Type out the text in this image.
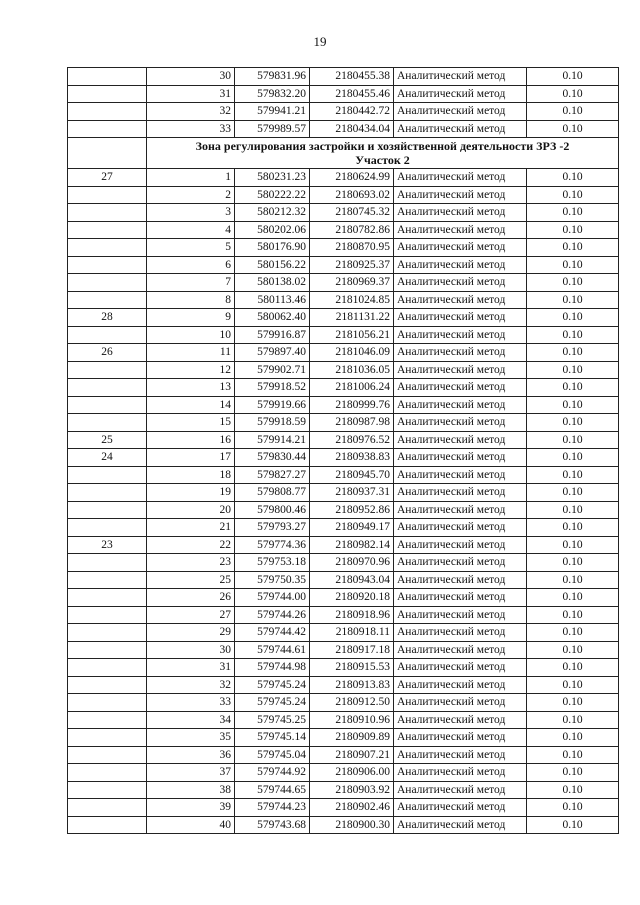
19
	30	579831.96	2180455.38	Аналитический метод	0.10
	31	579832.20	2180455.46	Аналитический метод	0.10
	32	579941.21	2180442.72	Аналитический метод	0.10
	33	579989.57	2180434.04	Аналитический метод	0.10
	Зона регулирования застройки и хозяйственной деятельности ЗРЗ -2
Участок 2				
27	1	580231.23	2180624.99	Аналитический метод	0.10
	2	580222.22	2180693.02	Аналитический метод	0.10
	3	580212.32	2180745.32	Аналитический метод	0.10
	4	580202.06	2180782.86	Аналитический метод	0.10
	5	580176.90	2180870.95	Аналитический метод	0.10
	6	580156.22	2180925.37	Аналитический метод	0.10
	7	580138.02	2180969.37	Аналитический метод	0.10
	8	580113.46	2181024.85	Аналитический метод	0.10
28	9	580062.40	2181131.22	Аналитический метод	0.10
	10	579916.87	2181056.21	Аналитический метод	0.10
26	11	579897.40	2181046.09	Аналитический метод	0.10
	12	579902.71	2181036.05	Аналитический метод	0.10
	13	579918.52	2181006.24	Аналитический метод	0.10
	14	579919.66	2180999.76	Аналитический метод	0.10
	15	579918.59	2180987.98	Аналитический метод	0.10
25	16	579914.21	2180976.52	Аналитический метод	0.10
24	17	579830.44	2180938.83	Аналитический метод	0.10
	18	579827.27	2180945.70	Аналитический метод	0.10
	19	579808.77	2180937.31	Аналитический метод	0.10
	20	579800.46	2180952.86	Аналитический метод	0.10
	21	579793.27	2180949.17	Аналитический метод	0.10
23	22	579774.36	2180982.14	Аналитический метод	0.10
	23	579753.18	2180970.96	Аналитический метод	0.10
	25	579750.35	2180943.04	Аналитический метод	0.10
	26	579744.00	2180920.18	Аналитический метод	0.10
	27	579744.26	2180918.96	Аналитический метод	0.10
	29	579744.42	2180918.11	Аналитический метод	0.10
	30	579744.61	2180917.18	Аналитический метод	0.10
	31	579744.98	2180915.53	Аналитический метод	0.10
	32	579745.24	2180913.83	Аналитический метод	0.10
	33	579745.24	2180912.50	Аналитический метод	0.10
	34	579745.25	2180910.96	Аналитический метод	0.10
	35	579745.14	2180909.89	Аналитический метод	0.10
	36	579745.04	2180907.21	Аналитический метод	0.10
	37	579744.92	2180906.00	Аналитический метод	0.10
	38	579744.65	2180903.92	Аналитический метод	0.10
	39	579744.23	2180902.46	Аналитический метод	0.10
	40	579743.68	2180900.30	Аналитический метод	0.10
